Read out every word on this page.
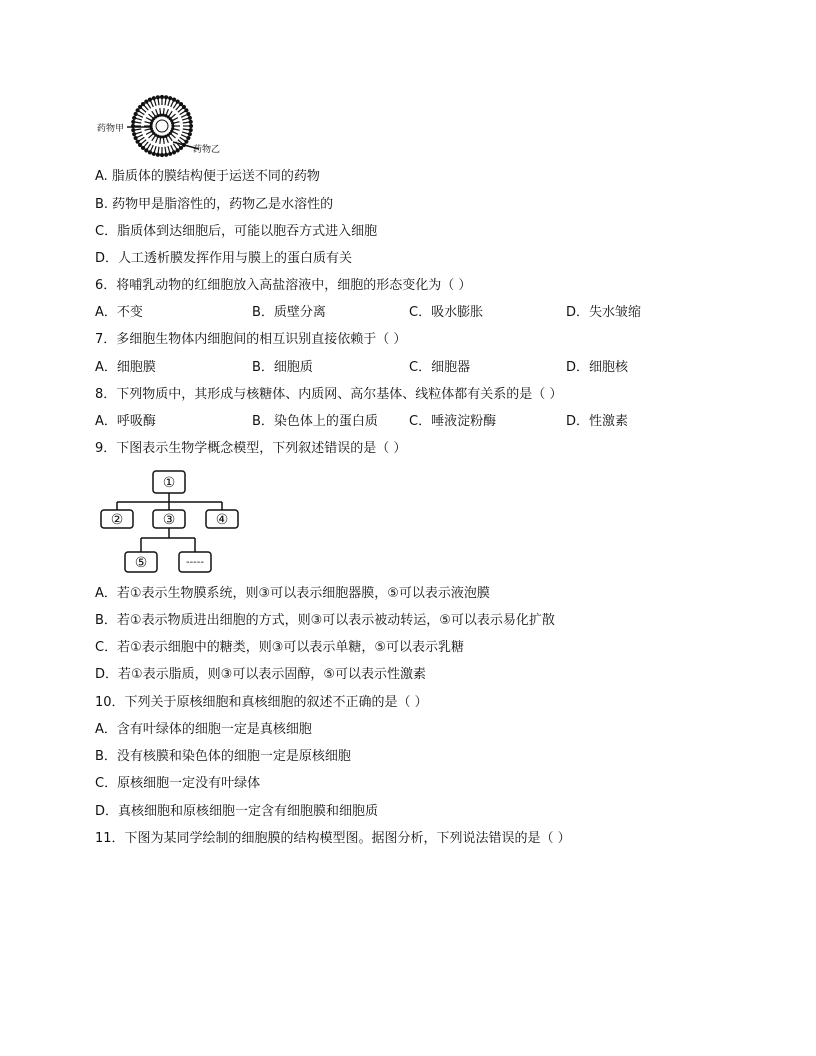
药物甲
药物乙
A. 脂质体的膜结构便于运送不同的药物
B. 药物甲是脂溶性的，药物乙是水溶性的
C．脂质体到达细胞后，可能以胞吞方式进入细胞
D．人工透析膜发挥作用与膜上的蛋白质有关
6．将哺乳动物的红细胞放入高盐溶液中，细胞的形态变化为（ ）
A．不变	B．质壁分离	C．吸水膨胀	D．失水皱缩
7．多细胞生物体内细胞间的相互识别直接依赖于（ ）
A．细胞膜	B．细胞质	C．细胞器	D．细胞核
8．下列物质中，其形成与核糖体、内质网、高尔基体、线粒体都有关系的是（ ）
A．呼吸酶	B．染色体上的蛋白质 C．唾液淀粉酶	D．性激素
9．下图表示生物学概念模型，下列叙述错误的是（ ）
①
②	③	④
⑤	-----
A．若①表示生物膜系统，则③可以表示细胞器膜，⑤可以表示液泡膜
B．若①表示物质进出细胞的方式，则③可以表示被动转运，⑤可以表示易化扩散
C．若①表示细胞中的糖类，则③可以表示单糖，⑤可以表示乳糖
D．若①表示脂质，则③可以表示固醇，⑤可以表示性激素
10．下列关于原核细胞和真核细胞的叙述不正确的是（ ）
A．含有叶绿体的细胞一定是真核细胞
B．没有核膜和染色体的细胞一定是原核细胞
C．原核细胞一定没有叶绿体
D．真核细胞和原核细胞一定含有细胞膜和细胞质
11．下图为某同学绘制的细胞膜的结构模型图。据图分析，下列说法错误的是（ ）
